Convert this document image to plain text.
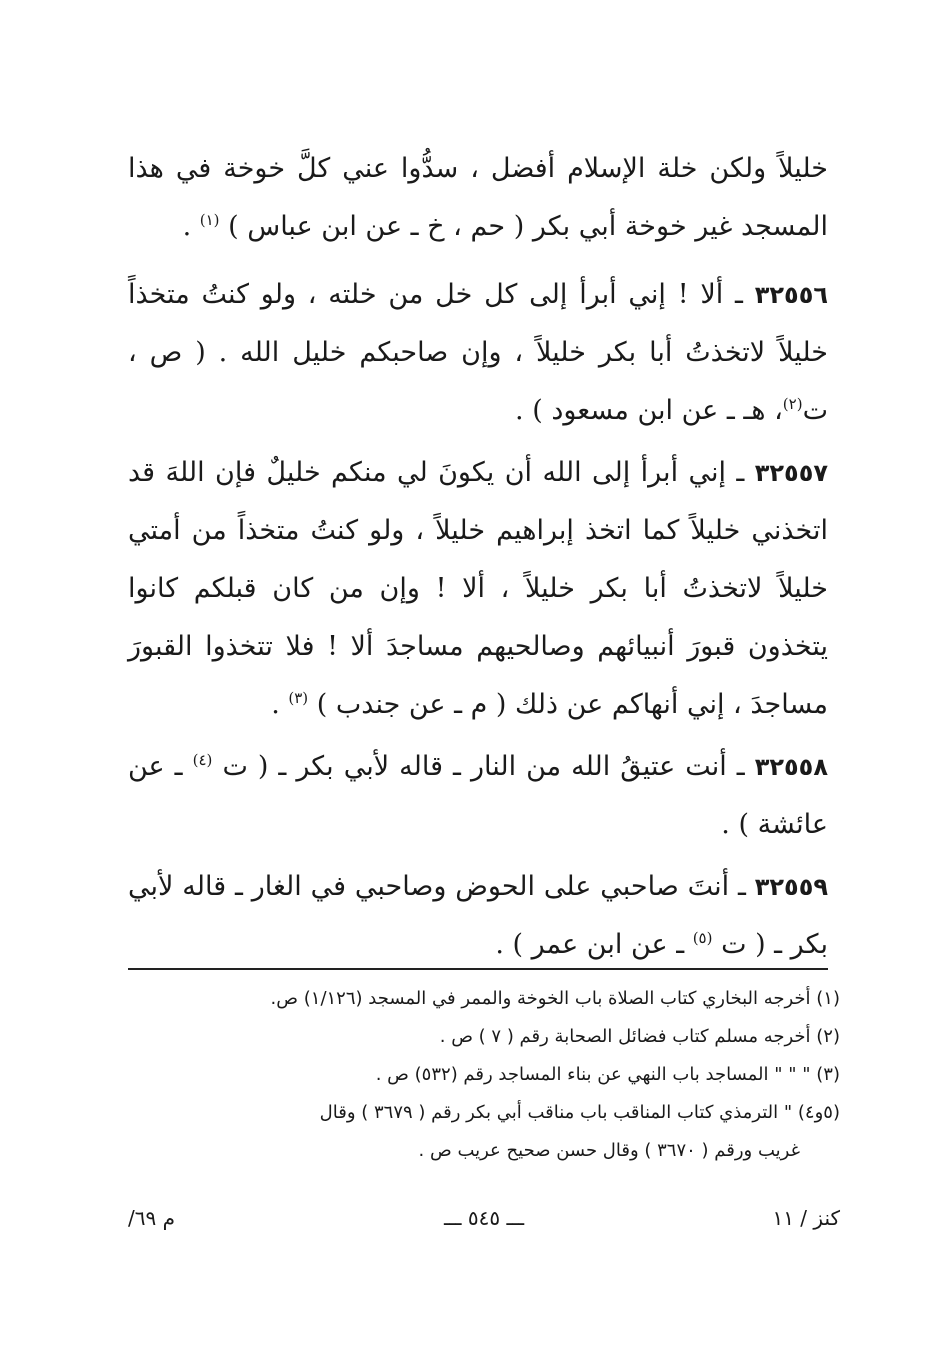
خليلاً ولكن خلة الإسلام أفضل ، سدُّوا عني كلَّ خوخة في هذا المسجد غير خوخة أبي بكر ( حم ، خ ـ عن ابن عباس ) $^{(١)}$ .

٣٢٥٥٦ ـ ألا ! إني أبرأ إلى كل خل من خلته ، ولو كنتُ متخذاً خليلاً لاتخذتُ أبا بكر خليلاً ، وإن صاحبكم خليل الله . ( ص ، ت$^{(٢)}$، هـ ـ عن ابن مسعود ) .

٣٢٥٥٧ ـ إني أبرأ إلى الله أن يكونَ لي منكم خليلٌ فإن اللهَ قد اتخذني خليلاً كما اتخذ إبراهيم خليلاً ، ولو كنتُ متخذاً من أمتي خليلاً لاتخذتُ أبا بكر خليلاً ، ألا ! وإن من كان قبلكم كانوا يتخذون قبورَ أنبيائهم وصالحيهم مساجدَ ألا ! فلا تتخذوا القبورَ مساجدَ ، إني أنهاكم عن ذلك ( م ـ عن جندب ) $^{(٣)}$ .

٣٢٥٥٨ ـ أنت عتيقُ الله من النار ـ قاله لأبي بكر ـ ( ت $^{(٤)}$ ـ عن عائشة ) .

٣٢٥٥٩ ـ أنتَ صاحبي على الحوض وصاحبي في الغار ـ قاله لأبي بكر ـ ( ت $^{(٥)}$ ـ عن ابن عمر ) .

(١) أخرجه البخاري كتاب الصلاة باب الخوخة والممر في المسجد (١/١٢٦) ص.

(٢) أخرجه مسلم كتاب فضائل الصحابة رقم ( ٧ ) ص .

(٣) " " " المساجد باب النهي عن بناء المساجد رقم (٥٣٢) ص .

(٥و٤) " الترمذي كتاب المناقب باب مناقب أبي بكر رقم ( ٣٦٧٩ ) وقال

غريب ورقم ( ٣٦٧٠ ) وقال حسن صحيح عريب ص .

كنز / ١١
ـــ ٥٤٥ ـــ
م ٦٩/
